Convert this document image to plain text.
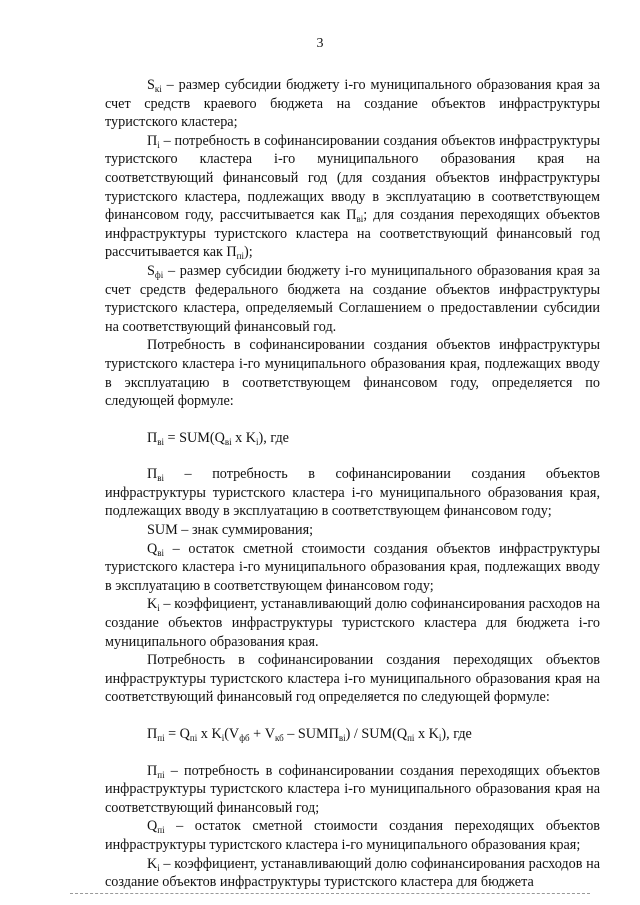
3

$S_{кi}$ – размер субсидии бюджету i-го муниципального образования края за счет средств краевого бюджета на создание объектов инфраструктуры туристского кластера;

$П_i$ – потребность в софинансировании создания объектов инфраструктуры туристского кластера i-го муниципального образования края на соответствующий финансовый год (для создания объектов инфраструктуры туристского кластера, подлежащих вводу в эксплуатацию в соответствующем финансовом году, рассчитывается как $П_{вi}$; для создания переходящих объектов инфраструктуры туристского кластера на соответствующий финансовый год рассчитывается как $П_{пi}$);

$S_{фi}$ – размер субсидии бюджету i-го муниципального образования края за счет средств федерального бюджета на создание объектов инфраструктуры туристского кластера, определяемый Соглашением о предоставлении субсидии на соответствующий финансовый год.

Потребность в софинансировании создания объектов инфраструктуры туристского кластера i-го муниципального образования края, подлежащих вводу в эксплуатацию в соответствующем финансовом году, определяется по следующей формуле:

$П_{вi} = SUM(Q_{вi}$ x $K_i$), где

$П_{вi}$ – потребность в софинансировании создания объектов инфраструктуры туристского кластера i-го муниципального образования края, подлежащих вводу в эксплуатацию в соответствующем финансовом году;

SUM – знак суммирования;

$Q_{вi}$ – остаток сметной стоимости создания объектов инфраструктуры туристского кластера i-го муниципального образования края, подлежащих вводу в эксплуатацию в соответствующем финансовом году;

$K_i$ – коэффициент, устанавливающий долю софинансирования расходов на создание объектов инфраструктуры туристского кластера для бюджета i-го муниципального образования края.

Потребность в софинансировании создания переходящих объектов инфраструктуры туристского кластера i-го муниципального образования края на соответствующий финансовый год определяется по следующей формуле:

$П_{пi} = Q_{пi}$ x $K_i(V_{фб} + V_{кб}$ – $SUMП_{вi}) / SUM(Q_{пi}$ x $K_i$), где

$П_{пi}$ – потребность в софинансировании создания переходящих объектов инфраструктуры туристского кластера i-го муниципального образования края на соответствующий финансовый год;

$Q_{пi}$ – остаток сметной стоимости создания переходящих объектов инфраструктуры туристского кластера i-го муниципального образования края;

$K_i$ – коэффициент, устанавливающий долю софинансирования расходов на создание объектов инфраструктуры туристского кластера для бюджета
